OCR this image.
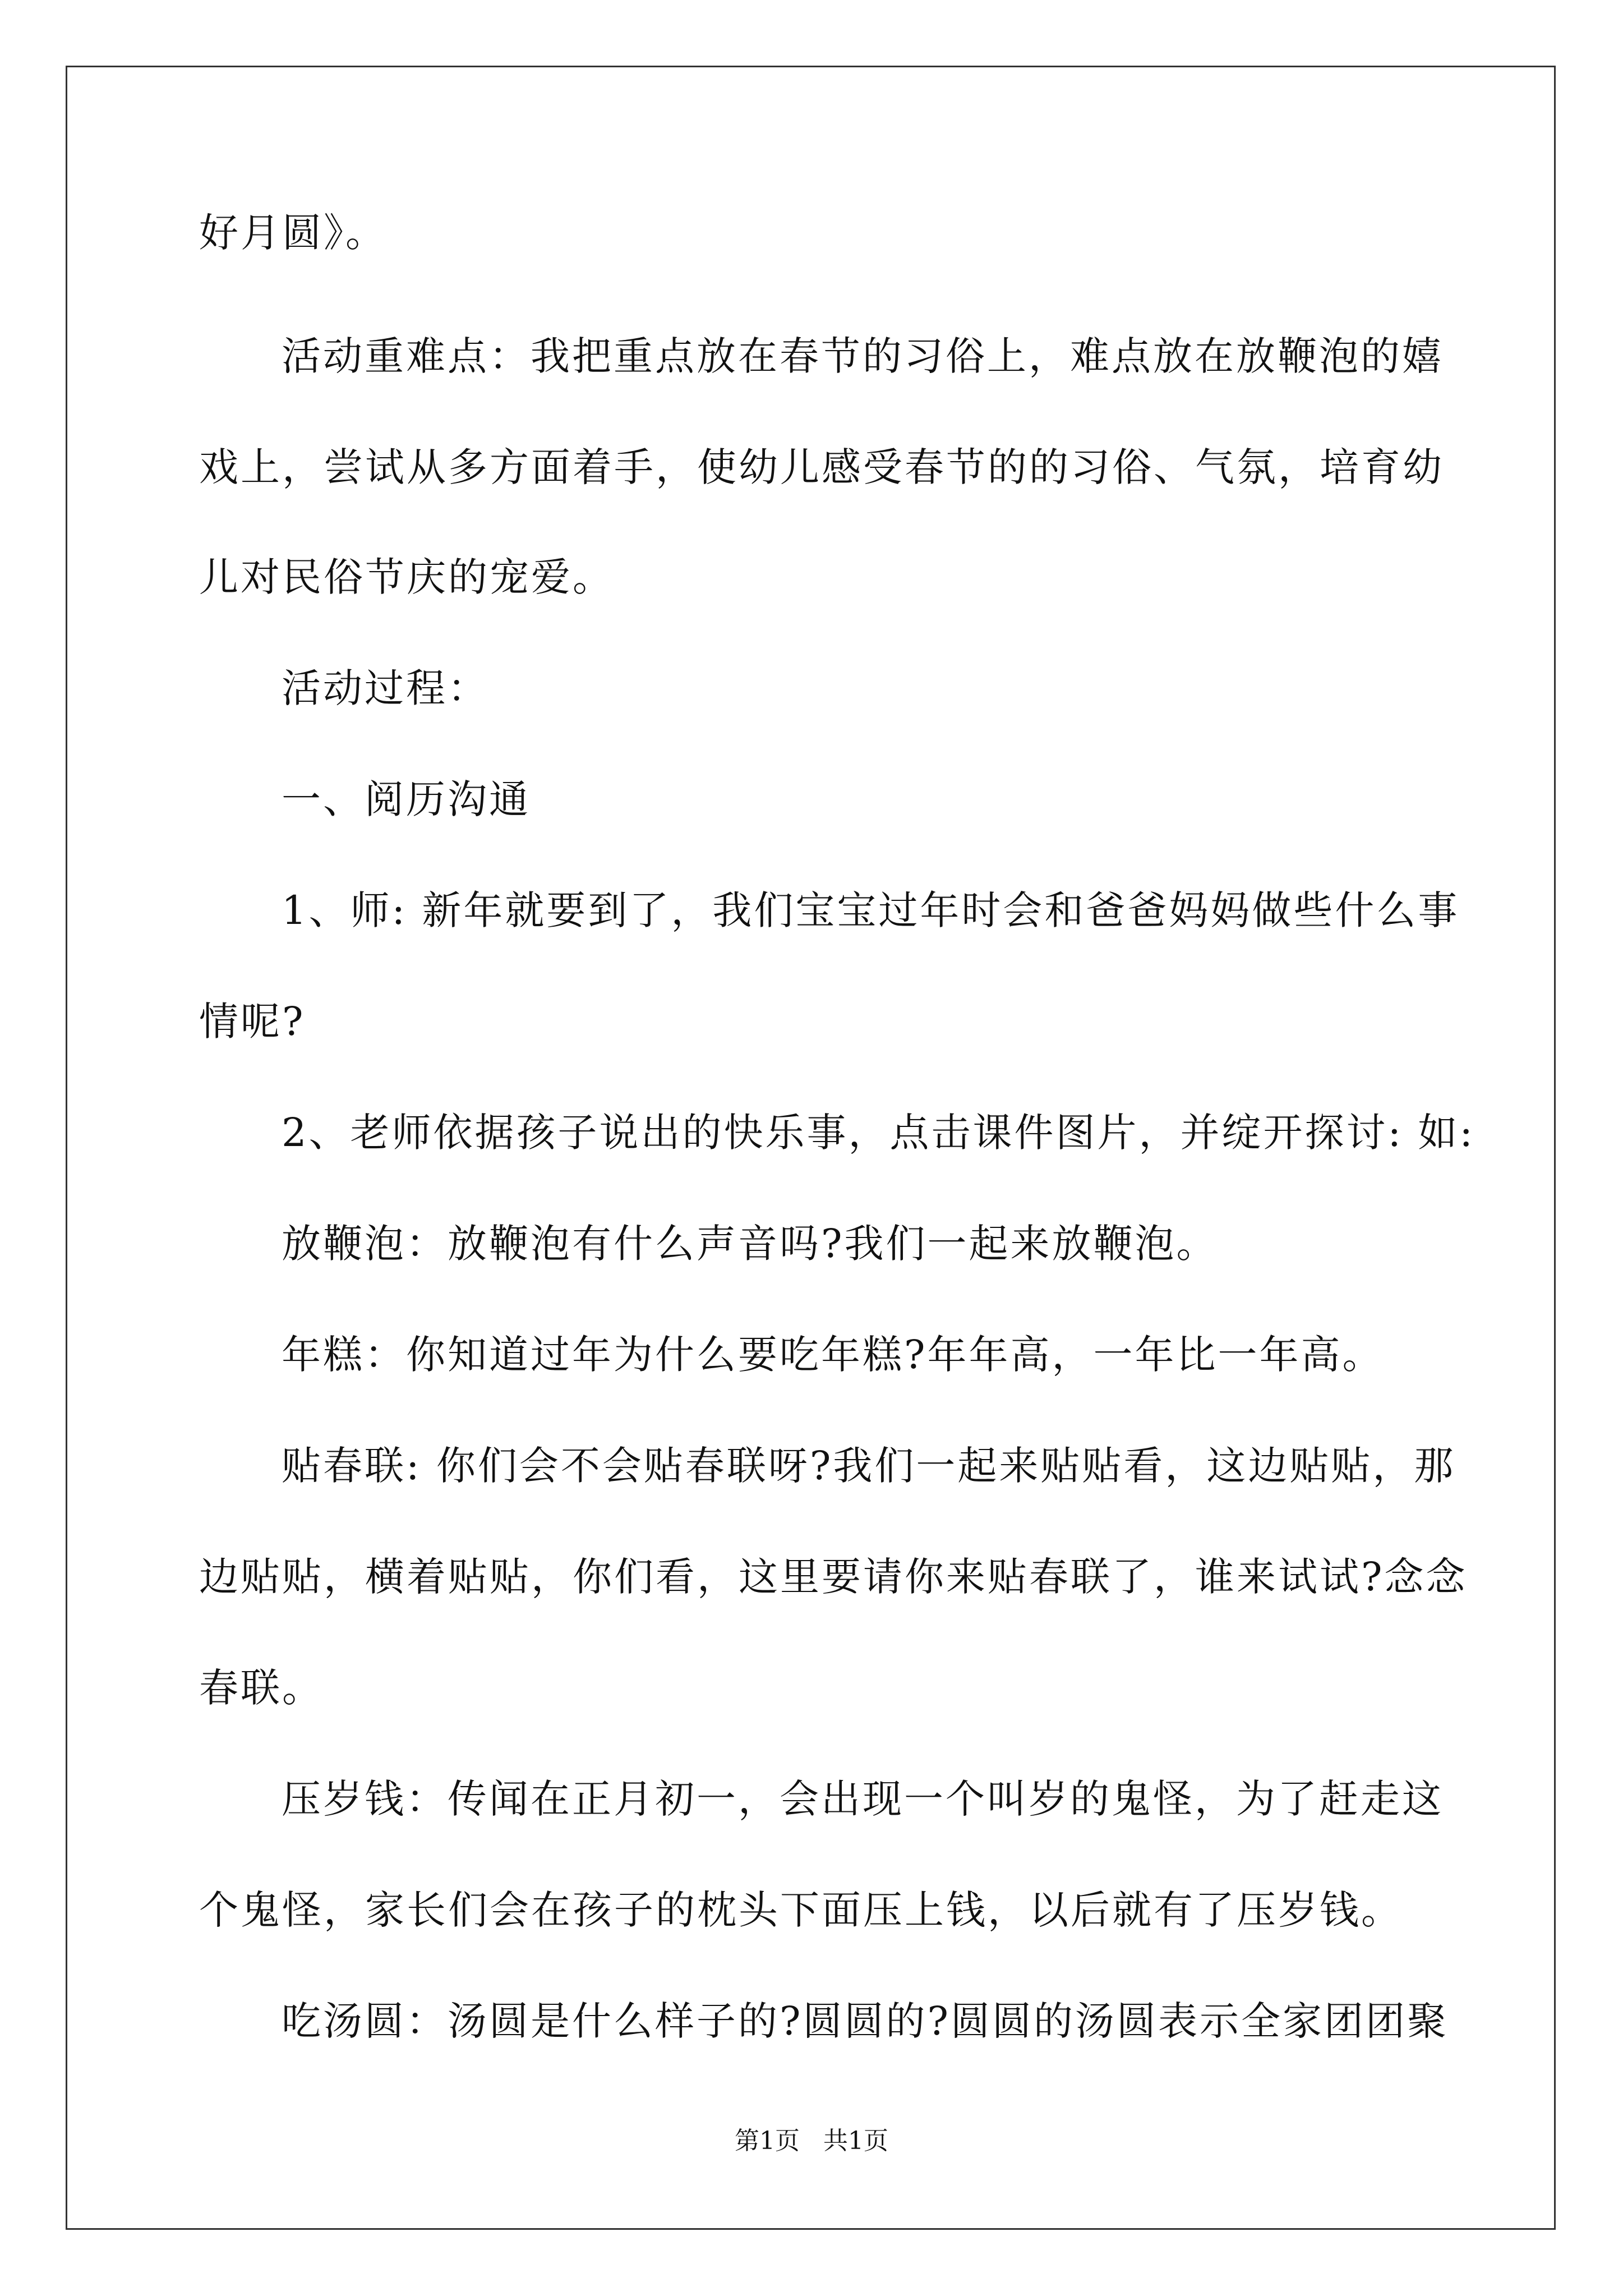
好月圆》。

活动重难点：我把重点放在春节的习俗上，难点放在放鞭泡的嬉

戏上，尝试从多方面着手，使幼儿感受春节的的习俗、气氛，培育幼

儿对民俗节庆的宠爱。

活动过程：

一、阅历沟通

1、师: 新年就要到了，我们宝宝过年时会和爸爸妈妈做些什么事

情呢?

2、老师依据孩子说出的快乐事，点击课件图片，并绽开探讨: 如:

放鞭泡：放鞭泡有什么声音吗?我们一起来放鞭泡。

年糕：你知道过年为什么要吃年糕?年年高，一年比一年高。

贴春联: 你们会不会贴春联呀?我们一起来贴贴看，这边贴贴，那

边贴贴，横着贴贴，你们看，这里要请你来贴春联了，谁来试试?念念

春联。

压岁钱：传闻在正月初一，会出现一个叫岁的鬼怪，为了赶走这

个鬼怪，家长们会在孩子的枕头下面压上钱，以后就有了压岁钱。

吃汤圆：汤圆是什么样子的?圆圆的?圆圆的汤圆表示全家团团聚

第1页 共1页
